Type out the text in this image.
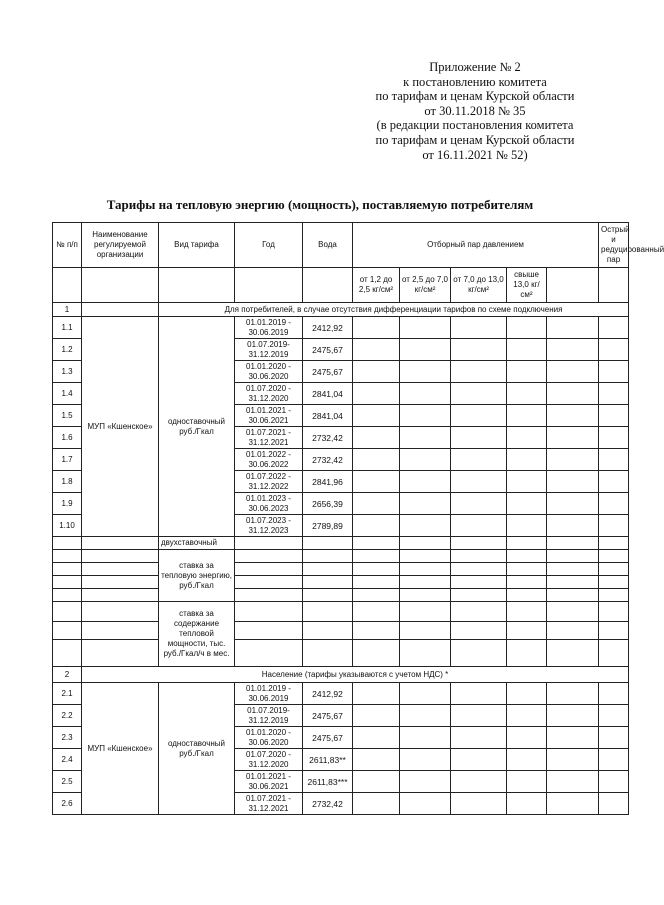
Приложение № 2
к постановлению комитета
по тарифам и ценам Курской области
от 30.11.2018 № 35
(в редакции постановления комитета
по тарифам и ценам Курской области
от 16.11.2021 № 52)
Тарифы на тепловую энергию (мощность), поставляемую потребителям
№ п/п	Наименование регулируемой организации	Вид тарифа	Год	Вода	Отборный пар давлением					Острый и редуцированный пар
					от 1,2 до 2,5 кг/см²	от 2,5 до 7,0 кг/см²	от 7,0 до 13,0 кг/см²	свыше 13,0 кг/см²		
1		Для потребителей, в случае отсутствия дифференциации тарифов по схеме подключения								
1.1	МУП «Кшенское»	одноставочный руб./Гкал	01.01.2019 - 30.06.2019	2412,92						
1.2			01.07.2019- 31.12.2019	2475,67						
1.3			01.01.2020 - 30.06.2020	2475,67						
1.4			01.07.2020 - 31.12.2020	2841,04						
1.5			01.01.2021 - 30.06.2021	2841,04						
1.6			01.07.2021 - 31.12.2021	2732,42						
1.7			01.01.2022 - 30.06.2022	2732,42						
1.8			01.07.2022 - 31.12.2022	2841,96						
1.9			01.01.2023 - 30.06.2023	2656,39						
1.10			01.07.2023 - 31.12.2023	2789,89						
		двухставочный								
		ставка за тепловую энергию, руб./Гкал								

		ставка за содержание тепловой мощности, тыс. руб./Гкал/ч в мес.								

2	Население (тарифы указываются с учетом НДС) *									
2.1	МУП «Кшенское»	одноставочный руб./Гкал	01.01.2019 - 30.06.2019	2412,92						
2.2			01.07.2019- 31.12.2019	2475,67						
2.3			01.01.2020 - 30.06.2020	2475,67						
2.4			01.07.2020 - 31.12.2020	2611,83**						
2.5			01.01.2021 - 30.06.2021	2611,83***						
2.6			01.07.2021 - 31.12.2021	2732,42						
